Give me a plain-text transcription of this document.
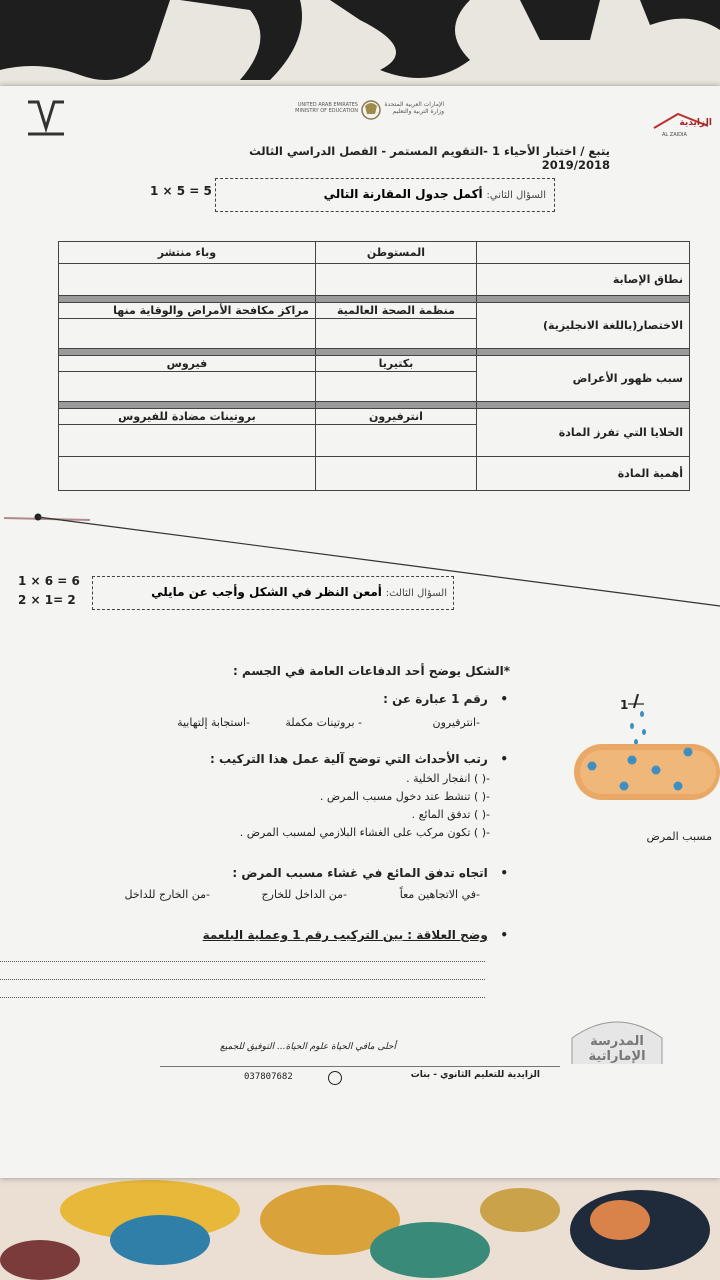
UNITED ARAB EMIRATES
MINISTRY OF EDUCATION
الإمارات العربية المتحدة
وزارة التربية والتعليم
الزايدية
AL ZAIDIA
يتبع / اختبار الأحياء 1 -التقويم المستمر - الفصل الدراسي الثالث 2019/2018
1 × 5 = 5	السؤال الثاني: أكمل جدول المقارنة التالي
	المستوطن	وباء منتشر
نطاق الإصابة		

الاختصار(باللغة الانجليزية)	منظمة الصحة العالمية	مراكز مكافحة الأمراض والوقاية منها

سبب ظهور الأعراض	بكتيريا	فيروس

الخلايا التي تفرز المادة	انترفيرون	بروتينات مضادة للفيروس

أهمية المادة		
1 × 6 = 6
2 × 1= 2	السؤال الثالث: أمعن النظر في الشكل وأجب عن مايلي
*الشكل يوضح أحد الدفاعات العامة في الجسم :
•   رقم 1 عبارة عن :
-انترفيرون
- بروتينات مكملة
-استجابة إلتهابية
•   رتب الأحداث التي توضح آلية عمل هذا التركيب :
-( ) انفجار الخلية .
-( ) تنشط عند دخول مسبب المرض .
-( ) تدفق المائع .
-( ) تكون مركب على الغشاء البلازمي لمسبب المرض .
•   اتجاه تدفق المائع في غشاء مسبب المرض :
-في الاتجاهين معاً
-من الداخل للخارج
-من الخارج للداخل
•   وضح العلاقة : بين التركيب رقم 1 وعملية البلعمة
1
مسبب المرض
أحلى مافي الحياة علوم الحياة... التوفيق للجميع	المدرسة الإماراتية
037807682	الزايدية للتعليم الثانوي - بنات
